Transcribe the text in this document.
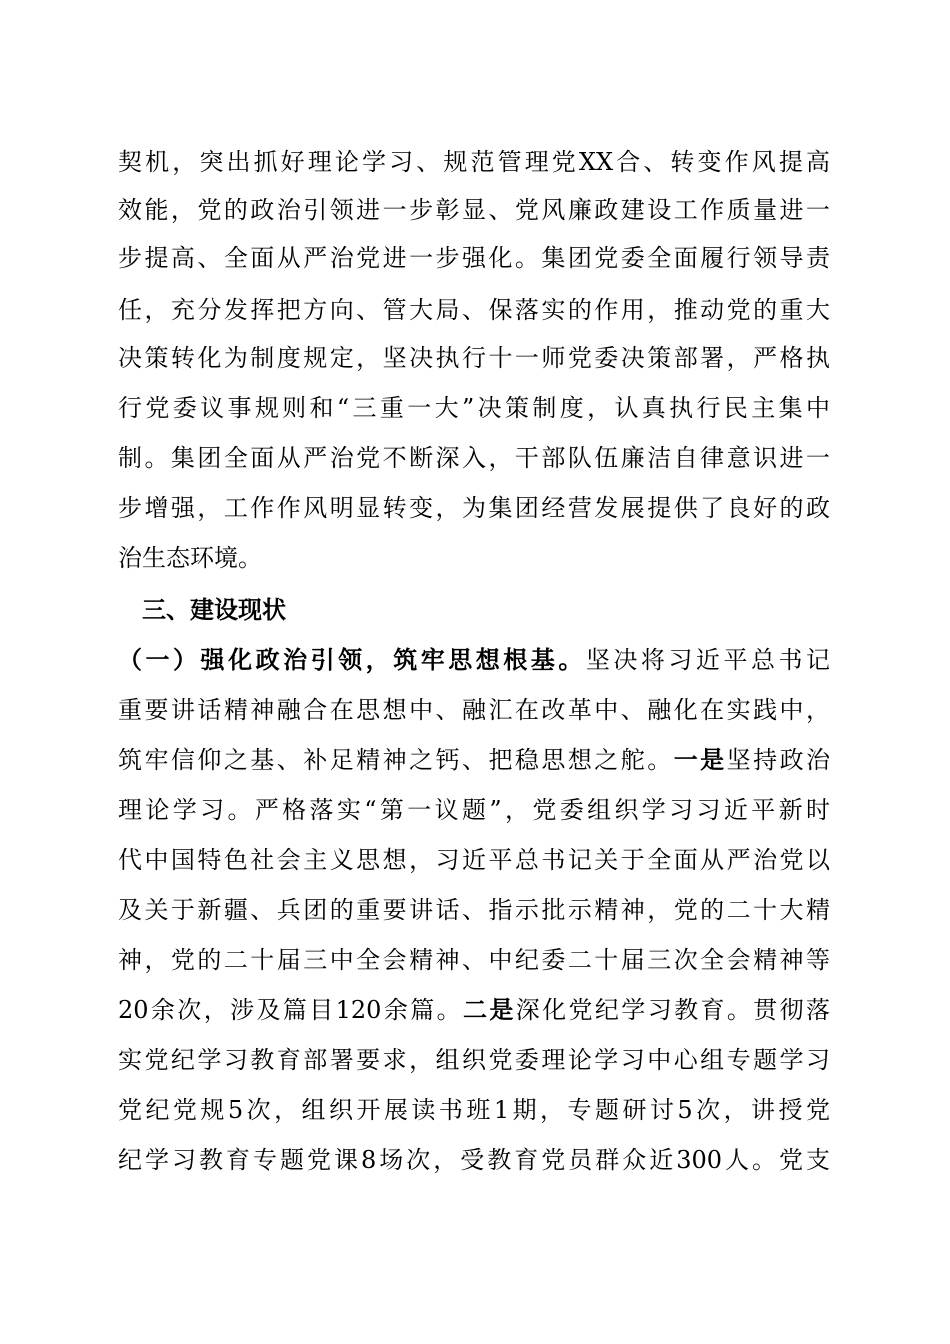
契机，突出抓好理论学习、规范管理党XX合、转变作风提高
效能，党的政治引领进一步彰显、党风廉政建设工作质量进一
步提高、全面从严治党进一步强化。集团党委全面履行领导责
任，充分发挥把方向、管大局、保落实的作用，推动党的重大
决策转化为制度规定，坚决执行十一师党委决策部署，严格执
行党委议事规则和“三重一大”决策制度，认真执行民主集中
制。集团全面从严治党不断深入，干部队伍廉洁自律意识进一
步增强，工作作风明显转变，为集团经营发展提供了良好的政
治生态环境。
三、建设现状
（一）强化政治引领，筑牢思想根基。坚决将习近平总书记
重要讲话精神融合在思想中、融汇在改革中、融化在实践中，
筑牢信仰之基、补足精神之钙、把稳思想之舵。一是坚持政治
理论学习。严格落实“第一议题”，党委组织学习习近平新时
代中国特色社会主义思想，习近平总书记关于全面从严治党以
及关于新疆、兵团的重要讲话、指示批示精神，党的二十大精
神，党的二十届三中全会精神、中纪委二十届三次全会精神等
20余次，涉及篇目120余篇。二是深化党纪学习教育。贯彻落
实党纪学习教育部署要求，组织党委理论学习中心组专题学习
党纪党规5次，组织开展读书班1期，专题研讨5次，讲授党
纪学习教育专题党课8场次，受教育党员群众近300人。党支
